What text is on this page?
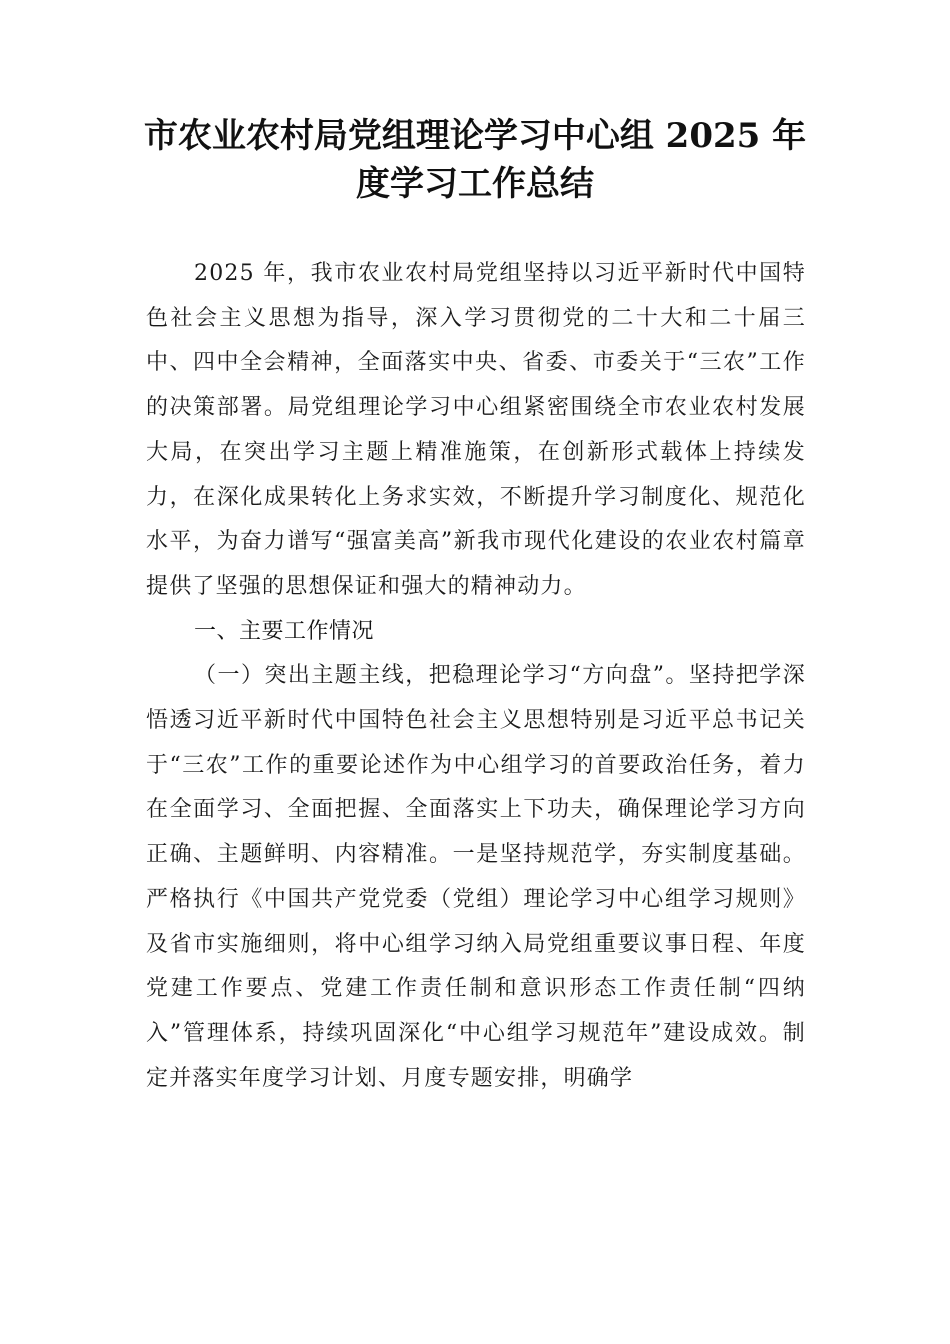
市农业农村局党组理论学习中心组 2025 年
度学习工作总结

2025 年，我市农业农村局党组坚持以习近平新时代中国特色社会主义思想为指导，深入学习贯彻党的二十大和二十届三中、四中全会精神，全面落实中央、省委、市委关于“三农”工作的决策部署。局党组理论学习中心组紧密围绕全市农业农村发展大局，在突出学习主题上精准施策，在创新形式载体上持续发力，在深化成果转化上务求实效，不断提升学习制度化、规范化水平，为奋力谱写“强富美高”新我市现代化建设的农业农村篇章提供了坚强的思想保证和强大的精神动力。

一、主要工作情况

（一）突出主题主线，把稳理论学习“方向盘”。坚持把学深悟透习近平新时代中国特色社会主义思想特别是习近平总书记关于“三农”工作的重要论述作为中心组学习的首要政治任务，着力在全面学习、全面把握、全面落实上下功夫，确保理论学习方向正确、主题鲜明、内容精准。一是坚持规范学，夯实制度基础。严格执行《中国共产党党委（党组）理论学习中心组学习规则》及省市实施细则，将中心组学习纳入局党组重要议事日程、年度党建工作要点、党建工作责任制和意识形态工作责任制“四纳入”管理体系，持续巩固深化“中心组学习规范年”建设成效。制定并落实年度学习计划、月度专题安排，明确学
